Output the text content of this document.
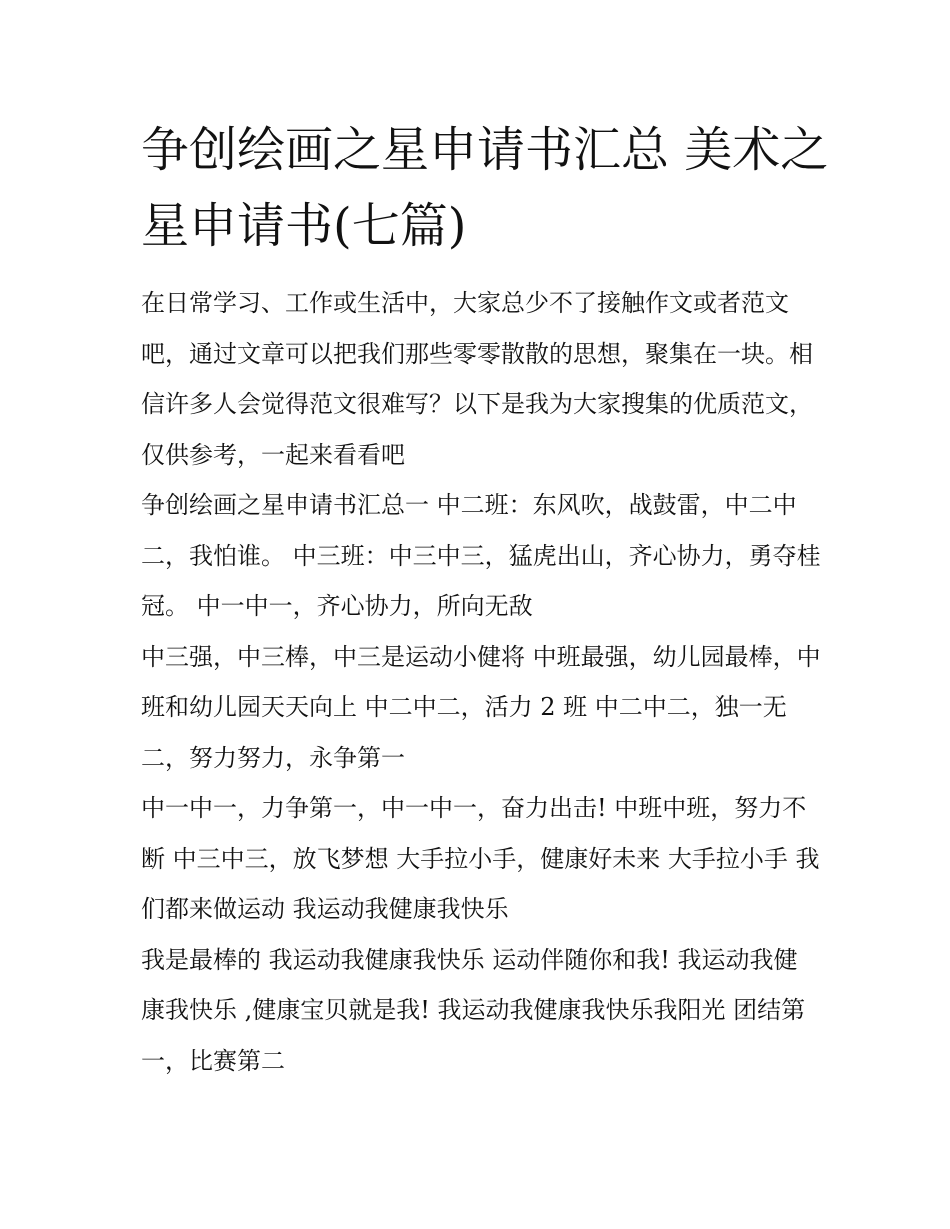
争创绘画之星申请书汇总 美术之星申请书(七篇)

在日常学习、工作或生活中，大家总少不了接触作文或者范文吧，通过文章可以把我们那些零零散散的思想，聚集在一块。相信许多人会觉得范文很难写？以下是我为大家搜集的优质范文，仅供参考，一起来看看吧

争创绘画之星申请书汇总一 中二班：东风吹，战鼓雷，中二中二，我怕谁。 中三班：中三中三，猛虎出山，齐心协力，勇夺桂冠。 中一中一，齐心协力，所向无敌

中三强，中三棒，中三是运动小健将 中班最强，幼儿园最棒，中班和幼儿园天天向上 中二中二，活力 2 班 中二中二，独一无二，努力努力，永争第一

中一中一，力争第一，中一中一，奋力出击! 中班中班，努力不断 中三中三，放飞梦想 大手拉小手，健康好未来 大手拉小手 我们都来做运动 我运动我健康我快乐

我是最棒的 我运动我健康我快乐 运动伴随你和我! 我运动我健康我快乐 ,健康宝贝就是我! 我运动我健康我快乐我阳光 团结第一，比赛第二
